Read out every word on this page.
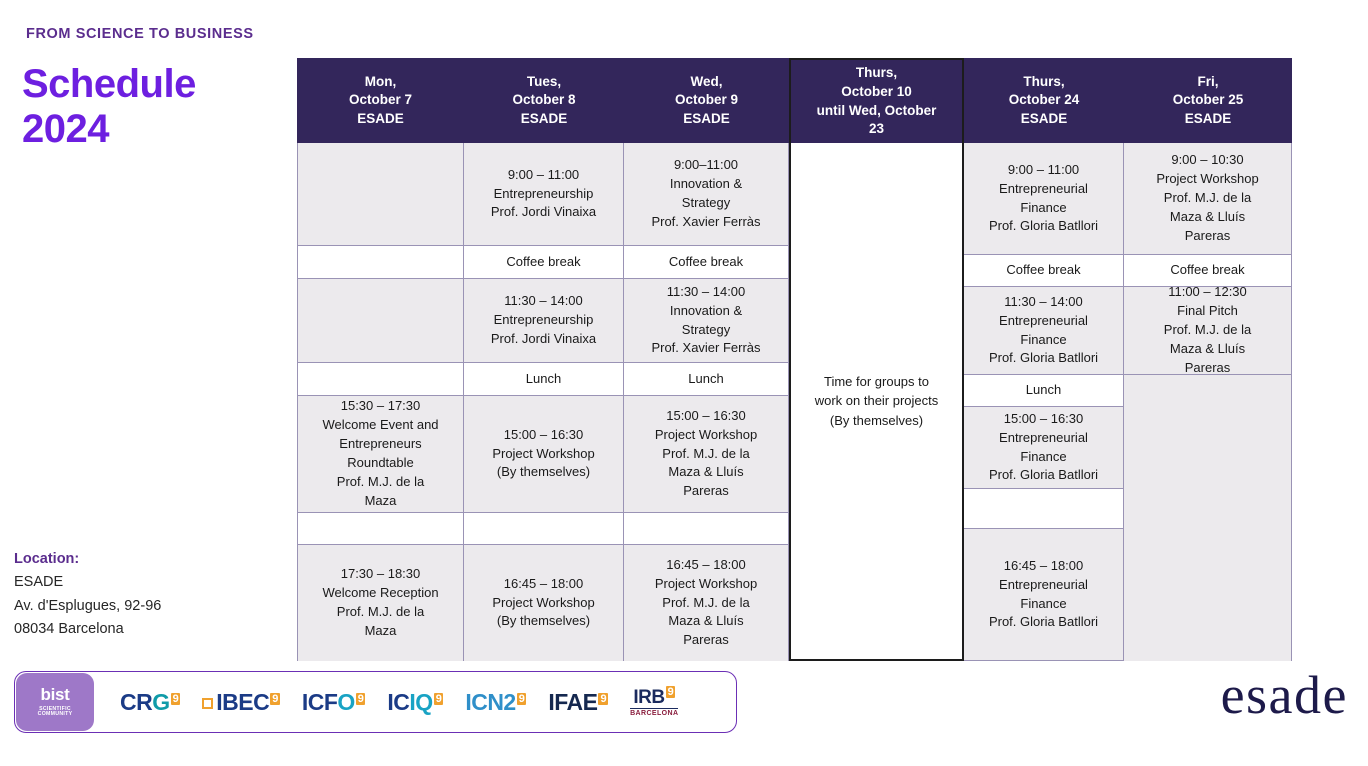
FROM SCIENCE TO BUSINESS
Schedule
2024
Location:
ESADE
Av. d'Esplugues, 92-96
08034 Barcelona
Mon,
October 7
ESADE
Tues,
October 8
ESADE
Wed,
October 9
ESADE
Thurs,
October 10
until Wed, October
23
Thurs,
October 24
ESADE
Fri,
October 25
ESADE
15:30 – 17:30
Welcome Event and
Entrepreneurs
Roundtable
Prof. M.J. de la
Maza
17:30 – 18:30
Welcome Reception
Prof. M.J. de la
Maza
9:00 – 11:00
Entrepreneurship
Prof. Jordi Vinaixa
Coffee break
11:30 – 14:00
Entrepreneurship
Prof. Jordi Vinaixa
Lunch
15:00 – 16:30
Project Workshop
(By themselves)
16:45 – 18:00
Project Workshop
(By themselves)
9:00–11:00
Innovation &
Strategy
Prof. Xavier Ferràs
Coffee break
11:30 – 14:00
Innovation &
Strategy
Prof. Xavier Ferràs
Lunch
15:00 – 16:30
Project Workshop
Prof. M.J. de la
Maza & Lluís
Pareras
16:45 – 18:00
Project Workshop
Prof. M.J. de la
Maza & Lluís
Pareras
9:00 – 11:00
Entrepreneurial
Finance
Prof. Gloria Batllori
Coffee break
11:30 – 14:00
Entrepreneurial
Finance
Prof. Gloria Batllori
Lunch
15:00 – 16:30
Entrepreneurial
Finance
Prof. Gloria Batllori
16:45 – 18:00
Entrepreneurial
Finance
Prof. Gloria Batllori
9:00 – 10:30
Project Workshop
Prof. M.J. de la
Maza & Lluís
Pareras
Coffee break
11:00 – 12:30
Final Pitch
Prof. M.J. de la
Maza & Lluís
Pareras
Time for groups to
work on their projects
(By themselves)
bist
SCIENTIFIC
COMMUNITY CRG $^9$	IBEC $^9$ ICFO $^9$ ICIQ $^9$ ICN2 $^9$ IFAE $^9$ IRB $^9$
BARCELONA	esade
